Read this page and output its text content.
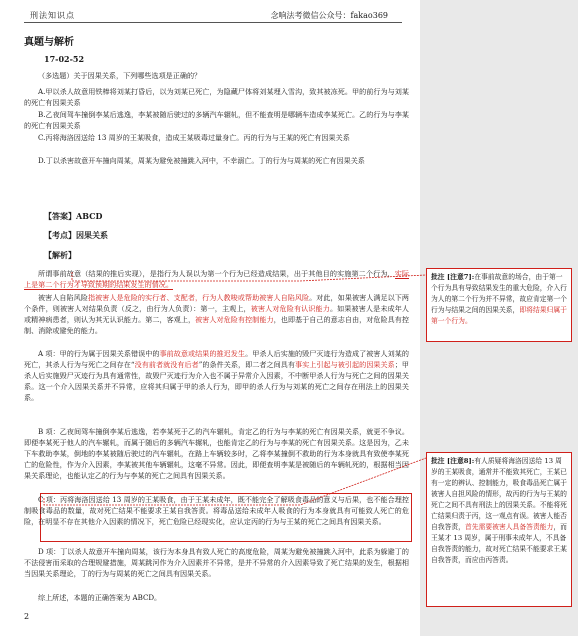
刑法知识点	念响法考微信公众号：fakao369
真题与解析
17-02-52
（多选题）关于因果关系，下列哪些选项是正确的？
A.甲以杀人故意用铁棒将刘某打昏后，以为刘某已死亡，为隐藏尸体将刘某埋入雪沟，致其被冻死。甲的前行为与刘某的死亡有因果关系
B.乙夜间驾车撞倒李某后逃逸，李某被随后驶过的多辆汽车辗轧，但不能查明是哪辆车造成李某死亡。乙的行为与李某的死亡有因果关系
C.丙将海洛因送给 13 周岁的王某吸食，造成王某吸毒过量身亡。丙的行为与王某的死亡有因果关系
D.丁以杀害故意开车撞向周某，周某为避免被撞跳入河中，不幸溺亡。丁的行为与周某的死亡有因果关系
【答案】ABCD
【考点】因果关系
【解析】
所谓事前故意（结果的推后实现），是指行为人误以为第一个行为已经造成结果，出于其他目的实施第二个行为，实际上是第二个行为才导致预期的结果发生的情况。
被害人自陷风险指被害人是危险的实行者、支配者，行为人教唆或帮助被害人自陷风险。对此，如果被害人满足以下两个条件，则被害人对结果负责（反之，由行为人负责）：第一，主观上，被害人对危险有认识能力。如果被害人是未成年人或精神病患者，则认为其无认识能力。第二，客观上，被害人对危险有控制能力，也即基于自己的意志自由，对危险具有控制、消除或避免的能力。
A 项：甲的行为属于因果关系错误中的事前故意或结果的推迟发生。甲杀人后实施的毁尸灭迹行为造成了被害人刘某的死亡，其杀人行为与死亡之间存在“没有前者就没有后者”的条件关系，即二者之间具有事实上引起与被引起的因果关系；甲杀人后实施毁尸灭迹行为具有通常性，故毁尸灭迹行为介入也不属于异常介入因素，不中断甲杀人行为与死亡之间的因果关系。这一个介入因果关系并不异常，应将其归属于甲的杀人行为，即甲的杀人行为与刘某的死亡之间存在刑法上的因果关系。
B 项：乙夜间驾车撞倒李某后逃逸，若李某死于乙的汽车辗轧，肯定乙的行为与李某的死亡有因果关系，就更不争议。即便李某死于他人的汽车辗轧，而属于随后的多辆汽车辗轧，也能肯定乙的行为与李某的死亡有因果关系。这是因为，乙未下车救助李某，倒地的李某被随后驶过的汽车辗轧，在路上车辆较多时，乙将李某撞倒不救助的行为本身就具有致使李某死亡的危险性，作为介入因素，李某被其他车辆辗轧，这毫不异常。因此，即便查明李某是被随后的车辆轧死的，根据相当因果关系理论，也能认定乙的行为与李某的死亡之间具有因果关系。
C 项：丙将海洛因送给 13 周岁的王某吸食，由于王某未成年，既不能完全了解吸食毒品的意义与后果，也不能合理控制吸食毒品的数量，故对死亡结果不能要求王某自我答责。将毒品送给未成年人吸食的行为本身就具有可能致人死亡的危险，在明显不存在其他介入因素的情况下，死亡危险已经现实化，应认定丙的行为与王某的死亡之间具有因果关系。
D 项：丁以杀人故意开车撞向周某，该行为本身具有致人死亡的高度危险，周某为避免被撞跳入河中，此系为躲避丁的不法侵害而采取的合理规避措施，周某跳河作为介入因素并不异常，是并不异常的介入因素导致了死亡结果的发生，根据相当因果关系理论，丁的行为与周某的死亡之间具有因果关系。
综上所述，本题的正确答案为 ABCD。
2
批注 [注意7]:在事前故意的场合，由于第一个行为具有导致结果发生的重大危险，介入行为人的第二个行为并不异常，故应肯定第一个行为与结果之间的因果关系，即将结果归属于第一个行为。
批注 [注意8]:有人质疑将海洛因送给 13 周岁的王某吸食，通常并不能致其死亡，王某已有一定的辨认、控制能力，吸食毒品死亡属于被害人自担风险的情形，故丙的行为与王某的死亡之间不具有刑法上的因果关系。不能将死亡结果归责于丙，这一观点有误。被害人能否自我答责，首先需要被害人具备答责能力，而王某才 13 周岁，属于刑事未成年人，不具备自我答责的能力，故对死亡结果不能要求王某自我答责，而应由丙答责。
